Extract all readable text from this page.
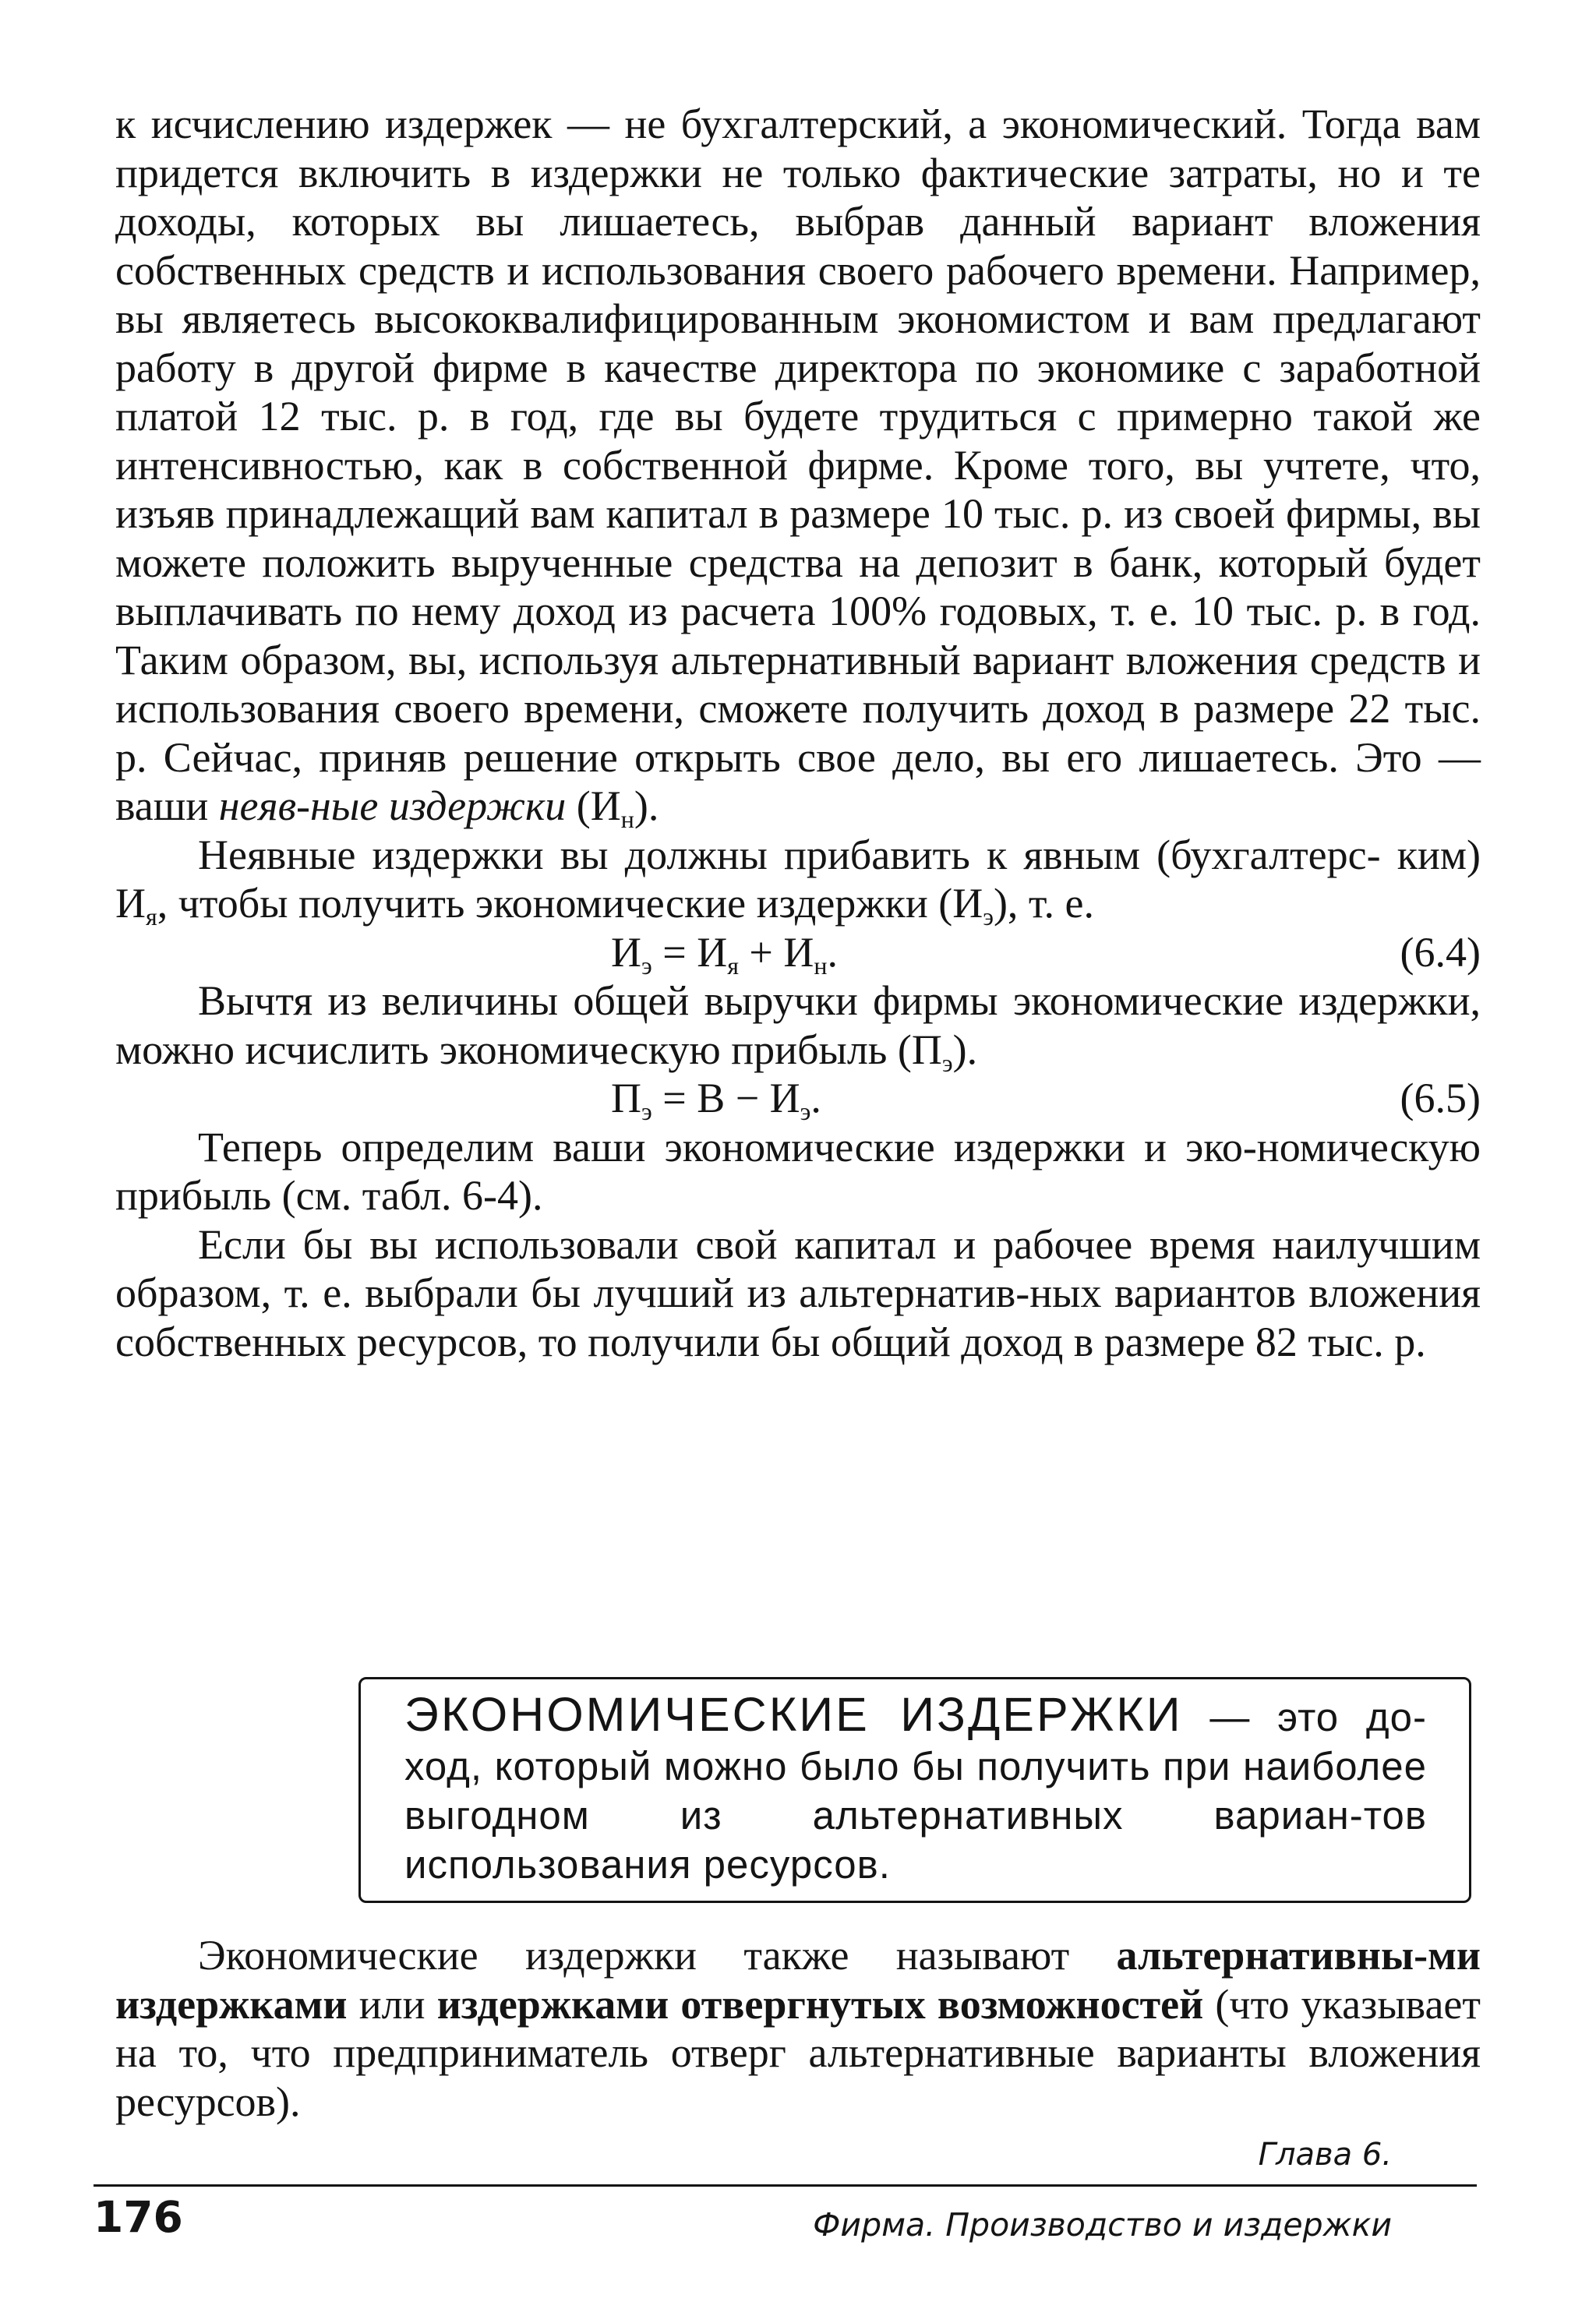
к исчислению издержек — не бухгалтерский, а экономический. Тогда вам придется включить в издержки не только фактические затраты, но и те доходы, которых вы лишаетесь, выбрав данный вариант вложения собственных средств и использования своего рабочего времени. Например, вы являетесь высококвалифицированным экономистом и вам предлагают работу в другой фирме в качестве директора по экономике с заработной платой 12 тыс. р. в год, где вы будете трудиться с примерно такой же интенсивностью, как в собственной фирме. Кроме того, вы учтете, что, изъяв принадлежащий вам капитал в размере 10 тыс. р. из своей фирмы, вы можете положить вырученные средства на депозит в банк, который будет выплачивать по нему доход из расчета 100% годовых, т. е. 10 тыс. р. в год. Таким образом, вы, используя альтернативный вариант вложения средств и использования своего времени, сможете получить доход в размере 22 тыс. р. Сейчас, приняв решение открыть свое дело, вы его лишаетесь. Это — ваши неяв-ные издержки $(И_н)$.

Неявные издержки вы должны прибавить к явным (бухгалтерс- ким) $И_я$, чтобы получить экономические издержки $(И_э)$, т. е.

$И_э = И_я + И_н$.	(6.4)

Вычтя из величины общей выручки фирмы экономические издержки, можно исчислить экономическую прибыль $(П_э)$.

$П_э = В - И_э$.	(6.5)

Теперь определим ваши экономические издержки и эко-номическую прибыль (см. табл. 6-4).

Если бы вы использовали свой капитал и рабочее время наилучшим образом, т. е. выбрали бы лучший из альтернатив-ных вариантов вложения собственных ресурсов, то получили бы общий доход в размере 82 тыс. р.

ЭКОНОМИЧЕСКИЕ ИЗДЕРЖКИ — это до-ход, который можно было бы получить при наиболее выгодном из альтернативных вариан-тов использования ресурсов.

Экономические издержки также называют альтернативны-ми издержками или издержками отвергнутых возможностей (что указывает на то, что предприниматель отверг альтернативные варианты вложения ресурсов).

Глава 6.
176	Фирма. Производство и издержки
